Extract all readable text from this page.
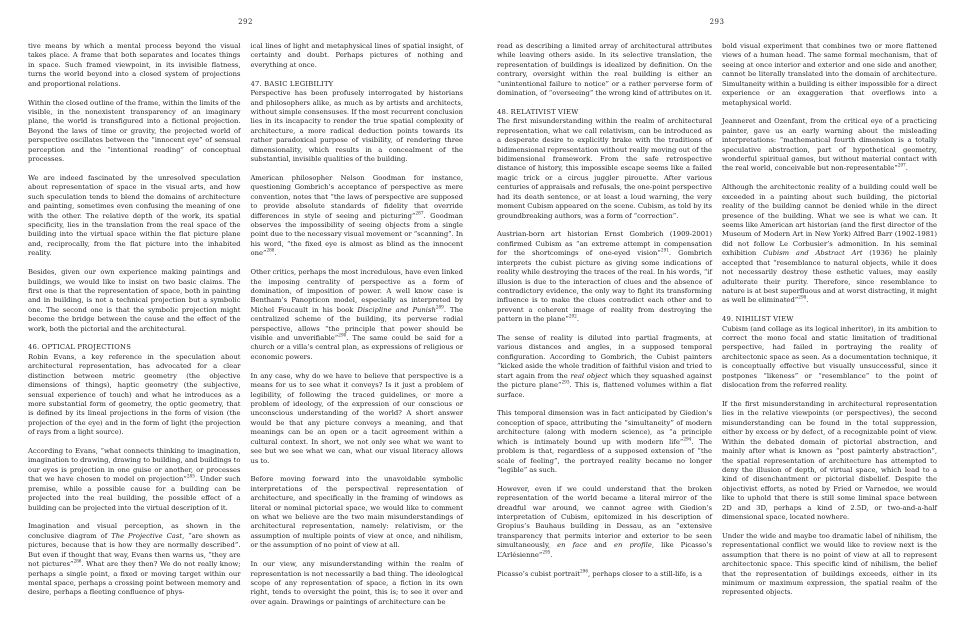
292

tive means by which a mental process beyond the visual takes place. A frame that both separates and locates things in space. Such framed viewpoint, in its invisible flatness, turns the world beyond into a closed system of projections and proportional relations.

Within the closed outline of the frame, within the limits of the visible, in the nonexistent transparency of an imaginary plane, the world is transfigured into a fictional projection. Beyond the laws of time or gravity, the projected world of perspective oscillates between the “innocent eye” of sensual perception and the “intentional reading” of conceptual processes.

We are indeed fascinated by the unresolved speculation about representation of space in the visual arts, and how such speculation tends to blend the domains of architecture and painting, sometimes even confusing the meaning of one with the other. The relative depth of the work, its spatial specificity, lies in the translation from the real space of the building into the virtual space within the flat picture plane and, reciprocally, from the flat picture into the inhabited reality.

Besides, given our own experience making paintings and buildings, we would like to insist on two basic claims. The first one is that the representation of space, both in painting and in building, is not a technical projection but a symbolic one. The second one is that the symbolic projection might become the bridge between the cause and the effect of the work, both the pictorial and the architectural.

46. OPTICAL PROJECTIONS

Robin Evans, a key reference in the speculation about architectural representation, has advocated for a clear distinction between metric geometry (the objective dimensions of things), haptic geometry (the subjective, sensual experience of touch) and what he introduces as a more substantial form of geometry, the optic geometry, that is defined by its lineal projections in the form of vision (the projection of the eye) and in the form of light (the projection of rays from a light source).

According to Evans, “what connects thinking to imagination, imagination to drawing, drawing to building, and buildings to our eyes is projection in one guise or another, or processes that we have chosen to model on projection”$^{285}$. Under such premise, while a possible cause for a building can be projected into the real building, the possible effect of a building can be projected into the virtual description of it.

Imagination and visual perception, as shown in the conclusive diagram of The Projective Cast, “are shown as pictures, because that is how they are normally described”. But even if thought that way, Evans then warns us, “they are not pictures”$^{286}$. What are they then? We do not really know; perhaps a single point, a fixed or moving target within our mental space, perhaps a crossing point between memory and desire, perhaps a fleeting confluence of phys-

ical lines of light and metaphysical lines of spatial insight, of certainty and doubt. Perhaps pictures of nothing and everything at once.

47. BASIC LEGIBILITY

Perspective has been profusely interrogated by historians and philosophers alike, as much as by artists and architects, without simple consensuses. If the most recurrent conclusion lies in its incapacity to render the true spatial complexity of architecture, a more radical deduction points towards its rather paradoxical purpose of visibility, of rendering three dimensionality, which results in a concealment of the substantial, invisible qualities of the building.

American philosopher Nelson Goodman for instance, questioning Gombrich’s acceptance of perspective as mere convention, notes that “the laws of perspective are supposed to provide absolute standards of fidelity that override differences in style of seeing and picturing”$^{287}$. Goodman observes the impossibility of seeing objects from a single point due to the necessary visual movement or “scanning”. In his word, “the fixed eye is almost as blind as the innocent one”$^{288}$.

Other critics, perhaps the most incredulous, have even linked the imposing centrality of perspective as a form of domination, of imposition of power. A well know case is Bentham’s Panopticon model, especially as interpreted by Michel Foucault in his book Discipline and Punish$^{289}$. The centralized scheme of the building, its perverse radial perspective, allows “the principle that power should be visible and unverifiable”$^{290}$. The same could be said for a church or a villa’s central plan, as expressions of religious or economic powers.

In any case, why do we have to believe that perspective is a means for us to see what it conveys? Is it just a problem of legibility, of following the traced guidelines, or more a problem of ideology, of the expression of our conscious or unconscious understanding of the world? A short answer would be that any picture conveys a meaning, and that meanings can be an open or a tacit agreement within a cultural context. In short, we not only see what we want to see but we see what we can, what our visual literacy allows us to.

Before moving forward into the unavoidable symbolic interpretations of the perspectival representation of architecture, and specifically in the framing of windows as literal or nominal pictorial space, we would like to comment on what we believe are the two main misunderstandings of architectural representation, namely: relativism, or the assumption of multiple points of view at once, and nihilism, or the assumption of no point of view at all.

In our view, any misunderstanding within the realm of representation is not necessarily a bad thing. The ideological scope of any representation of space, a fiction in its own right, tends to oversight the point, this is; to see it over and over again. Drawings or paintings of architecture can be

293

read as describing a limited array of architectural attributes while leaving others aside. In its selective translation, the representation of buildings is idealized by definition. On the contrary, oversight within the real building is either an “unintentional failure to notice” or a rather perverse form of domination, of “overseeing” the wrong kind of attributes on it.

48. RELATIVIST VIEW

The first misunderstanding within the realm of architectural representation, what we call relativism, can be introduced as a desperate desire to explicitly brake with the traditions of bidimensional representation without really moving out of the bidimensional framework. From the safe retrospective distance of history, this impossible escape seems like a failed magic trick or a circus juggler pirouette. After various centuries of appraisals and refusals, the one-point perspective had its death sentence, or at least a loud warning, the very moment Cubism appeared on the scene. Cubism, as told by its groundbreaking authors, was a form of “correction”.

Austrian-born art historian Ernst Gombrich (1909-2001) confirmed Cubism as “an extreme attempt in compensation for the shortcomings of one-eyed vision”$^{291}$. Gombrich interprets the cubist picture as giving some indications of reality while destroying the traces of the real. In his words, “if illusion is due to the interaction of clues and the absence of contradictory evidence, the only way to fight its transforming influence is to make the clues contradict each other and to prevent a coherent image of reality from destroying the pattern in the plane”$^{292}$.

The sense of reality is diluted into partial fragments, at various distances and angles, in a supposed temporal configuration. According to Gombrich, the Cubist painters “kicked aside the whole tradition of faithful vision and tried to start again from the real object which they squashed against the picture plane”$^{293}$. This is, flattened volumes within a flat surface.

This temporal dimension was in fact anticipated by Giedion’s conception of space, attributing the “simultaneity” of modern architecture (along with modern science), as “a principle which is intimately bound up with modern life”$^{294}$. The problem is that, regardless of a supposed extension of “the scale of feeling”, the portrayed reality became no longer “legible” as such.

However, even if we could understand that the broken representation of the world became a literal mirror of the dreadful war around, we cannot agree with Giedion’s interpretation of Cubism, epitomized in his description of Gropius’s Bauhaus building in Dessau, as an “extensive transparency that permits interior and exterior to be seen simultaneously, en face and en profile, like Picasso’s L’Arlésienne”$^{295}$.

Picasso’s cubist portrait$^{296}$, perhaps closer to a still-life, is a

bold visual experiment that combines two or more flattened views of a human head. The same formal mechanism, that of seeing at once interior and exterior and one side and another, cannot be literally translated into the domain of architecture. Simultaneity within a building is either impossible for a direct experience or an exaggeration that overflows into a metaphysical world.

Jeanneret and Ozenfant, from the critical eye of a practicing painter, gave us an early warning about the misleading interpretations: “mathematical fourth dimension is a totally speculative abstraction, part of hypothetical geometry, wonderful spiritual games, but without material contact with the real world, conceivable but non-representable”$^{297}$.

Although the architectonic reality of a building could well be exceeded in a painting about such building, the pictorial reality of the building cannot be denied while in the direct presence of the building. What we see is what we can. It seems like American art historian (and the first director of the Museum of Modern Art in New York) Alfred Barr (1902-1981) did not follow Le Corbusier’s admonition. In his seminal exhibition Cubism and Abstract Art (1936) he plainly accepted that “resemblance to natural objects, while it does not necessarily destroy these esthetic values, may easily adulterate their purity. Therefore, since resemblance to nature is at best superfluous and at worst distracting, it might as well be eliminated”$^{298}$.

49. NIHILIST VIEW

Cubism (and collage as its logical inheritor), in its ambition to correct the mono focal and static limitation of traditional perspective, had failed in portraying the reality of architectonic space as seen. As a documentation technique, it is conceptually effective but visually unsuccessful, since it postpones “likeness” or “resemblance” to the point of dislocation from the referred reality.

If the first misunderstanding in architectural representation lies in the relative viewpoints (or perspectives), the second misunderstanding can be found in the total suppression, either by excess or by defect, of a recognizable point of view. Within the debated domain of pictorial abstraction, and mainly after what is known as “post painterly abstraction”, the spatial representation of architecture has attempted to deny the illusion of depth, of virtual space, which lead to a kind of disenchantment or pictorial disbelief. Despite the objectivist efforts, as noted by Fried or Varnedoe, we would like to uphold that there is still some liminal space between 2D and 3D, perhaps a kind of 2.5D, or two-and-a-half dimensional space, located nowhere.

Under the wide and maybe too dramatic label of nihilism, the representational conflict we would like to review next is the assumption that there is no point of view at all to represent architectonic space. This specific kind of nihilism, the belief that the representation of buildings exceeds, either in its minimum or maximum expression, the spatial realm of the represented objects.
